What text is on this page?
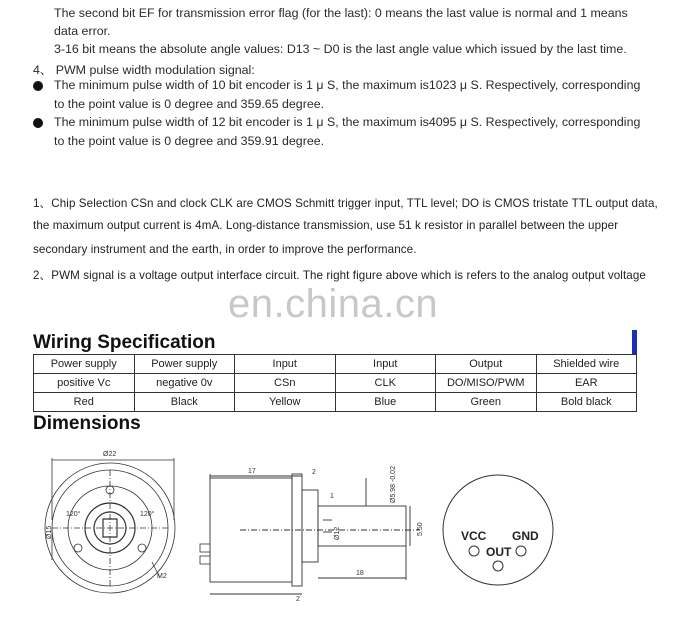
The second bit EF for transmission error flag (for the last): 0 means the last value is normal and 1 means
data error.
3-16 bit means the absolute angle values: D13 ~ D0 is the last angle value which issued by the last time.
4、 PWM pulse width modulation signal:
The minimum pulse width of 10 bit encoder is 1 μ S, the maximum is1023 μ S. Respectively, corresponding
to the point value is 0 degree and 359.65 degree.
The minimum pulse width of 12 bit encoder is 1 μ S, the maximum is4095 μ S. Respectively, corresponding
to the point value is 0 degree and 359.91 degree.
1、Chip Selection CSn and clock CLK are CMOS Schmitt trigger input, TTL level; DO is CMOS tristate TTL output data,
the maximum output current is 4mA. Long-distance transmission, use 51 k resistor in parallel between the upper
secondary instrument and the earth, in order to improve the performance.
2、PWM signal is a voltage output interface circuit. The right figure above which is refers to the analog output voltage
en.china.cn
Wiring Specification
Power supply	Power supply	Input	Input	Output	Shielded wire
positive Vc	negative 0v	CSn	CLK	DO/MISO/PWM	EAR
Red	Black	Yellow	Blue	Green	Bold black
Dimensions
Ø22
Ø15
120°	120°
M2
17	2
1	Ø5.98 -0.02
Ø12
18
5.50
2
VCC GND
OUT
